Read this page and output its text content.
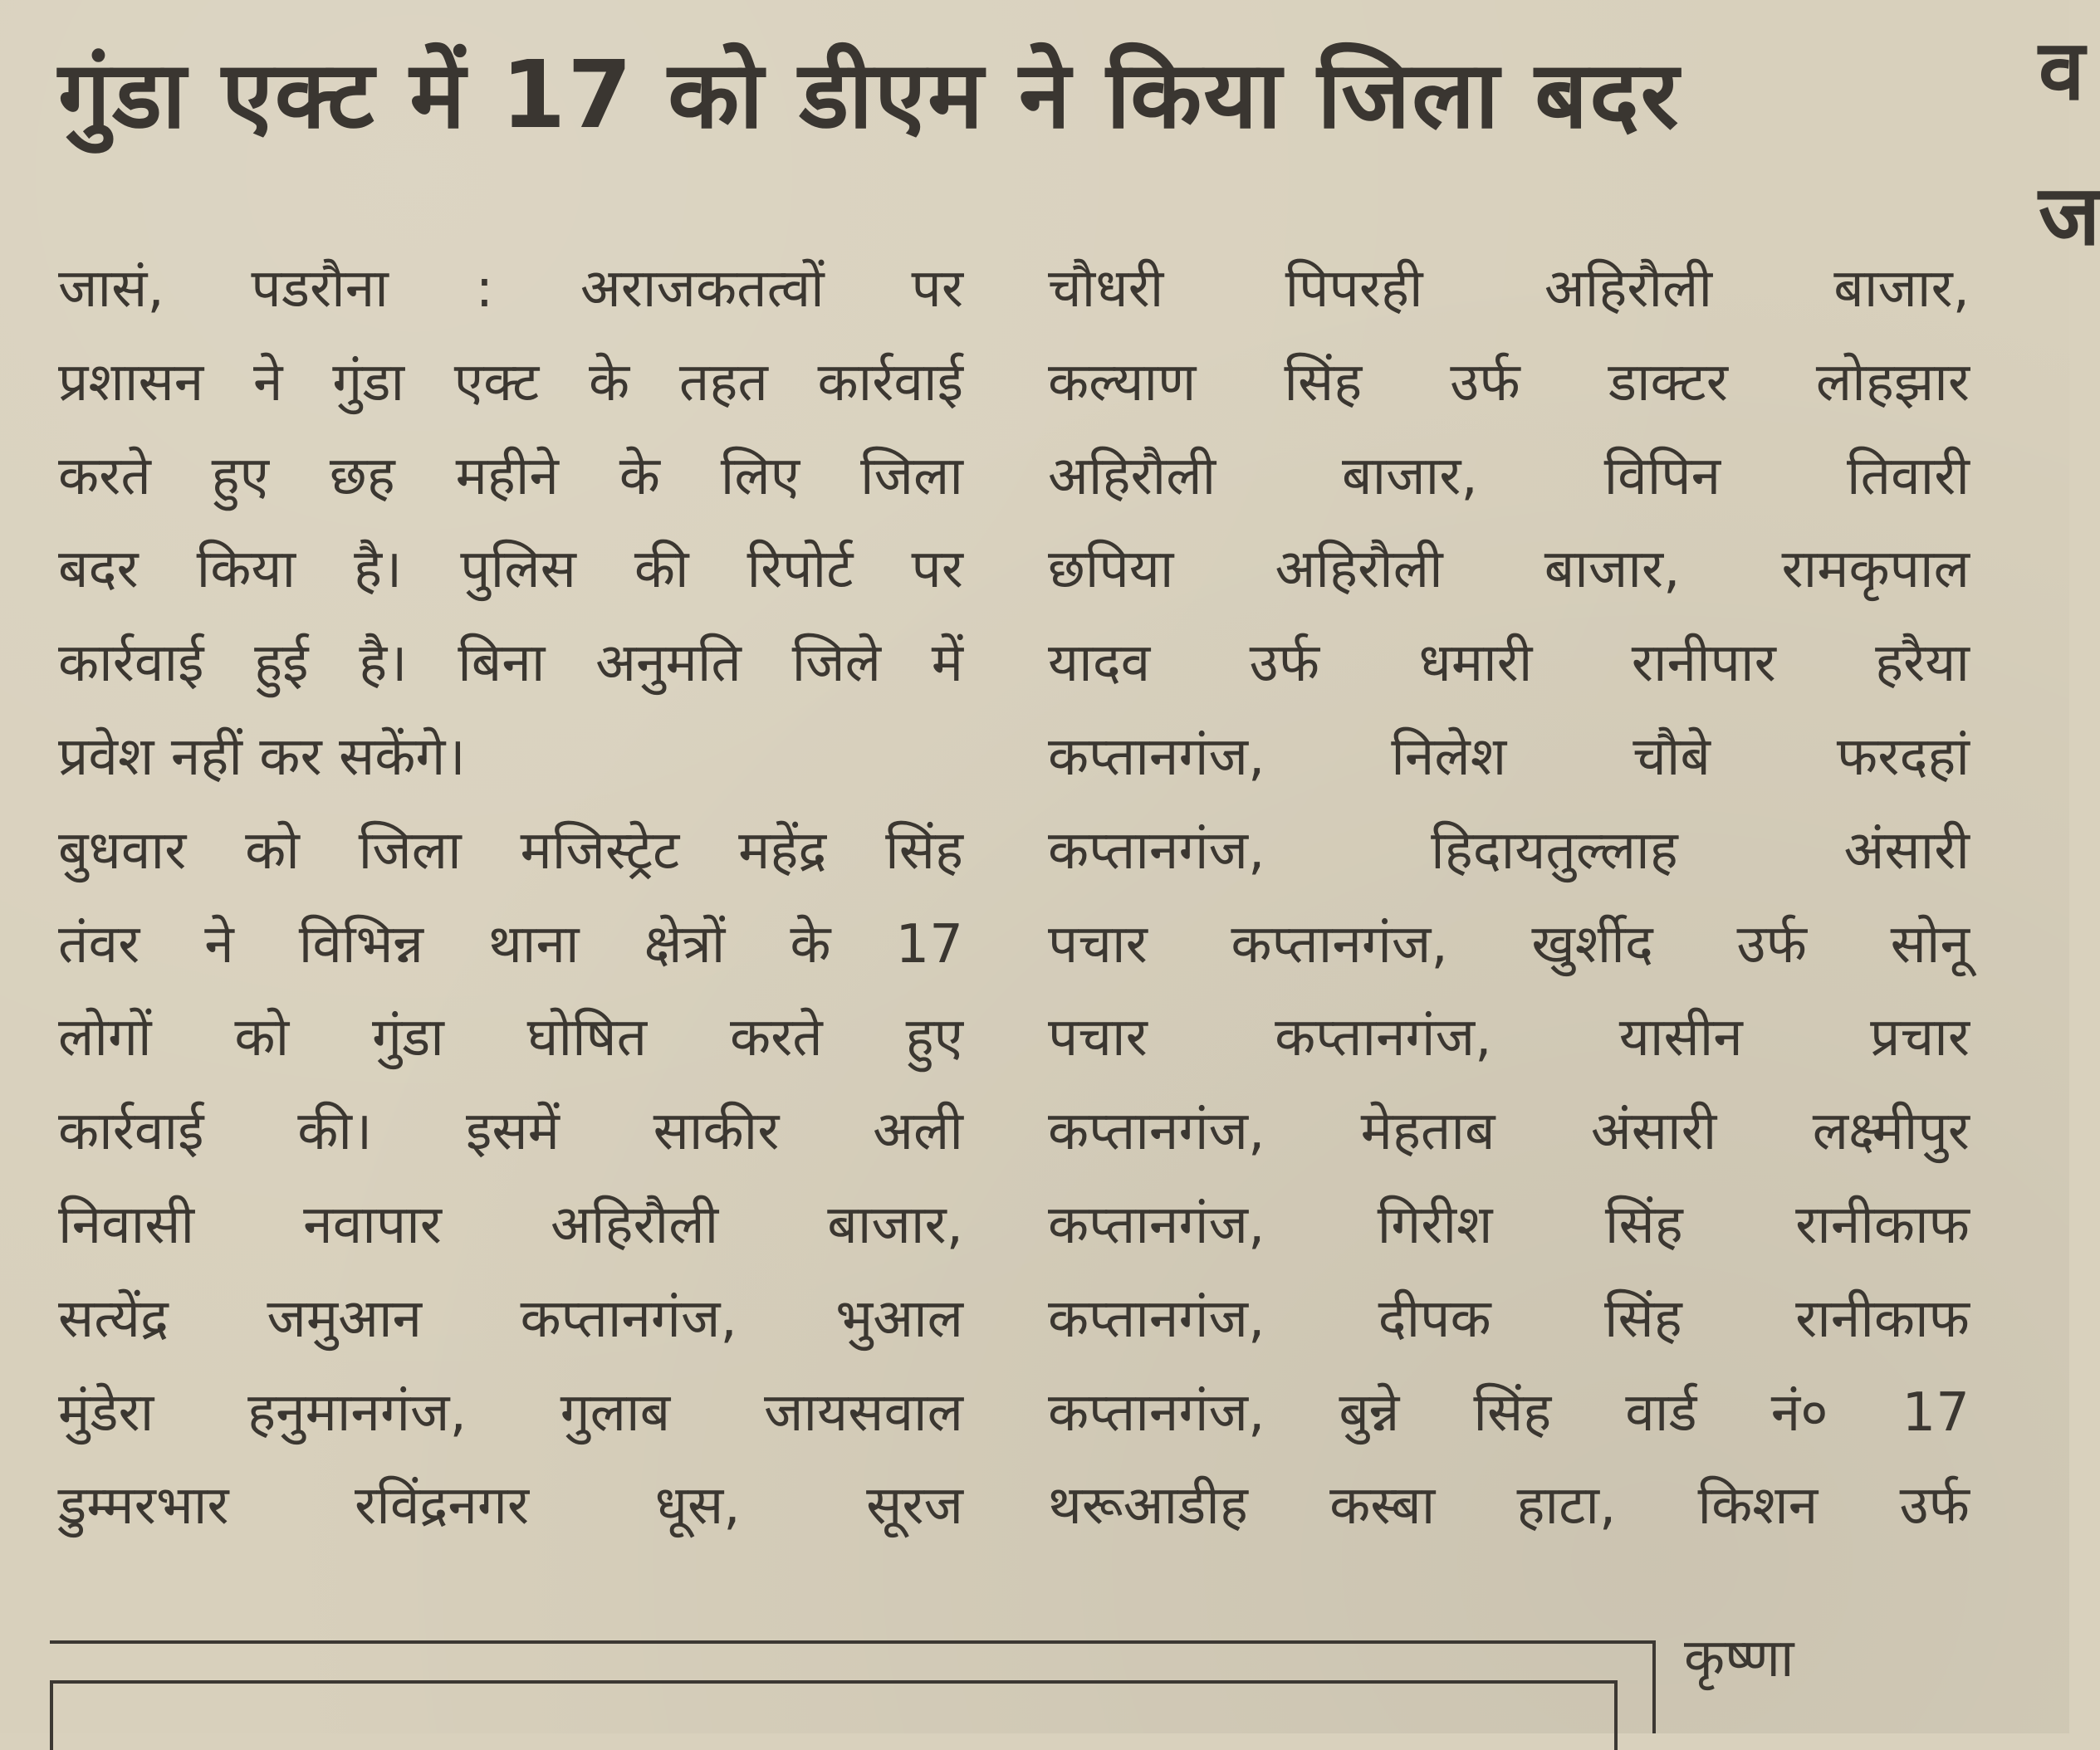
गुंडा एक्ट में 17 को डीएम ने किया जिला बदर	व
ज
जासं, पडरौना : अराजकतत्वों पर
प्रशासन ने गुंडा एक्ट के तहत कार्रवाई
करते हुए छह महीने के लिए जिला
बदर किया है। पुलिस की रिपोर्ट पर
कार्रवाई हुई है। बिना अनुमति जिले में
प्रवेश नहीं कर सकेंगे।
बुधवार को जिला मजिस्ट्रेट महेंद्र सिंह
तंवर ने विभिन्न थाना क्षेत्रों के 17
लोगों को गुंडा घोषित करते हुए
कार्रवाई की। इसमें साकीर अली
निवासी नवापार अहिरौली बाजार,
सत्येंद्र जमुआन कप्तानगंज, भुआल
मुंडेरा हनुमानगंज, गुलाब जायसवाल
डुम्मरभार रविंद्रनगर धूस, सूरज
चौधरी पिपरही अहिरौली बाजार,
कल्याण सिंह उर्फ डाक्टर लोहझार
अहिरौली बाजार, विपिन तिवारी
छपिया अहिरौली बाजार, रामकृपाल
यादव उर्फ धमारी रानीपार हरैया
कप्तानगंज, निलेश चौबे फरदहां
कप्तानगंज, हिदायतुल्लाह अंसारी
पचार कप्तानगंज, खुर्शीद उर्फ सोनू
पचार कप्तानगंज, यासीन प्रचार
कप्तानगंज, मेहताब अंसारी लक्ष्मीपुर
कप्तानगंज, गिरीश सिंह रानीकाफ
कप्तानगंज, दीपक सिंह रानीकाफ
कप्तानगंज, बुन्ने सिंह वार्ड नं० 17
थरूआडीह कस्बा हाटा, किशन उर्फ
कृष्णा
